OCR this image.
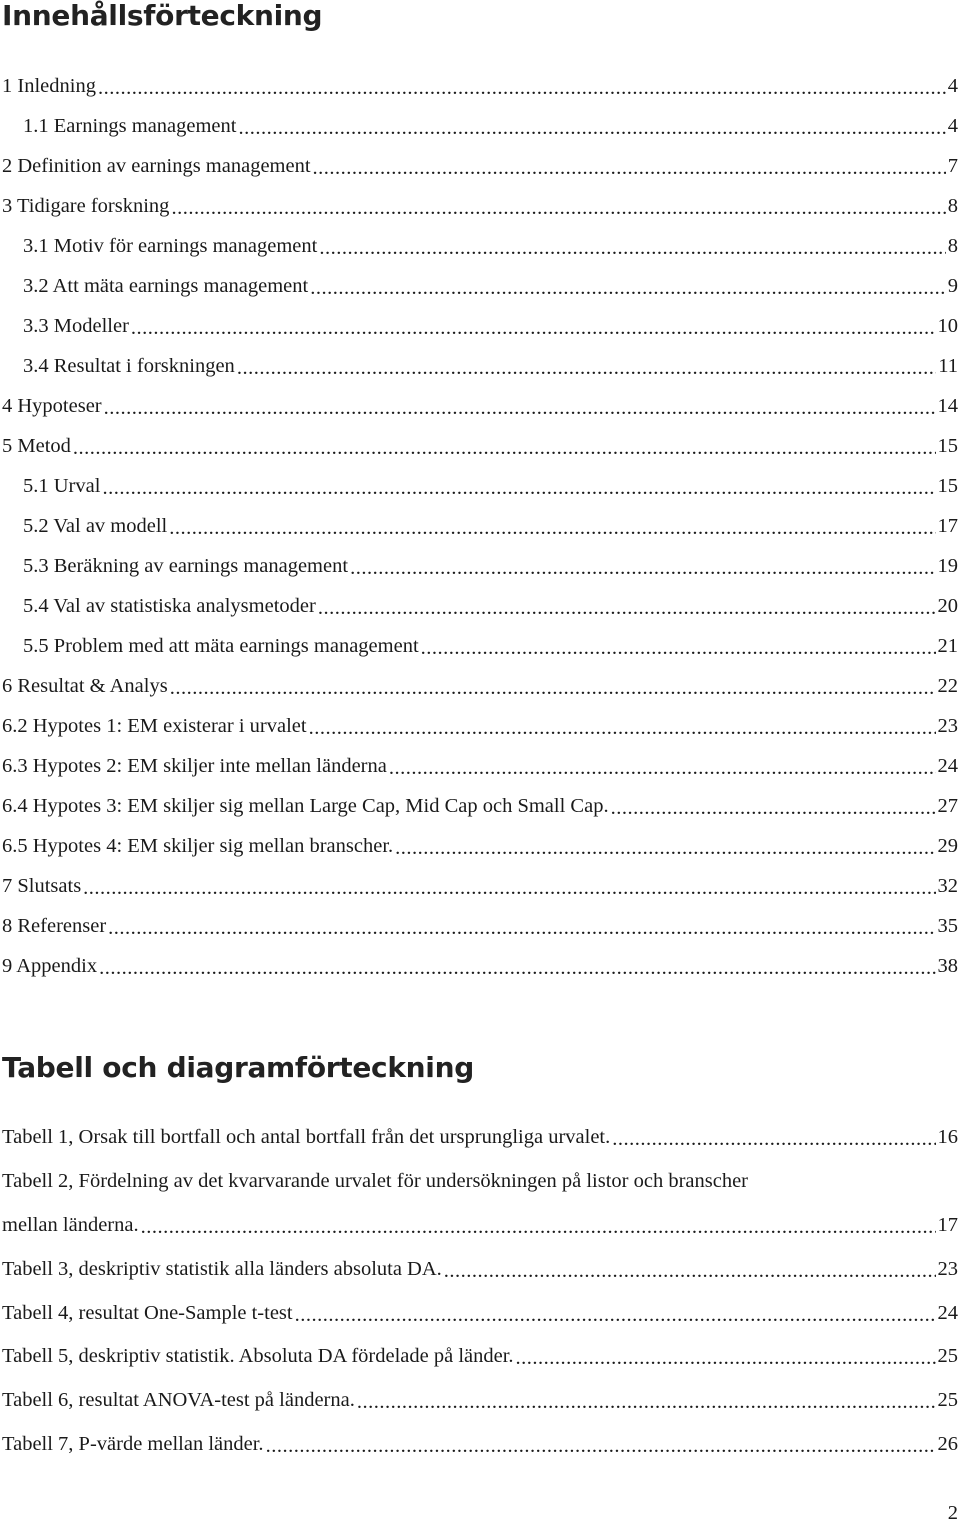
Innehållsförteckning
1 Inledning .....	4
1.1 Earnings management .....	4
2 Definition av earnings management .....	7
3 Tidigare forskning .....	8
3.1 Motiv för earnings management .....	8
3.2 Att mäta earnings management .....	9
3.3 Modeller .....	10
3.4 Resultat i forskningen .....	11
4 Hypoteser .....	14
5 Metod .....	15
5.1 Urval .....	15
5.2 Val av modell .....	17
5.3 Beräkning av earnings management .....	19
5.4 Val av statistiska analysmetoder .....	20
5.5 Problem med att mäta earnings management .....	21
6 Resultat & Analys .....	22
6.2 Hypotes 1: EM existerar i urvalet .....	23
6.3 Hypotes 2: EM skiljer inte mellan länderna .....	24
6.4 Hypotes 3: EM skiljer sig mellan Large Cap, Mid Cap och Small Cap. .....	27
6.5 Hypotes 4: EM skiljer sig mellan branscher. .....	29
7 Slutsats .....	32
8 Referenser .....	35
9 Appendix .....	38
Tabell och diagramförteckning
Tabell 1, Orsak till bortfall och antal bortfall från det ursprungliga urvalet. .....	16
Tabell 2, Fördelning av det kvarvarande urvalet för undersökningen på listor och branscher
mellan länderna. .....	17
Tabell 3, deskriptiv statistik alla länders absoluta DA. .....	23
Tabell 4, resultat One-Sample t-test .....	24
Tabell 5, deskriptiv statistik. Absoluta DA fördelade på länder. .....	25
Tabell 6, resultat ANOVA-test på länderna. .....	25
Tabell 7, P-värde mellan länder. .....	26
2
